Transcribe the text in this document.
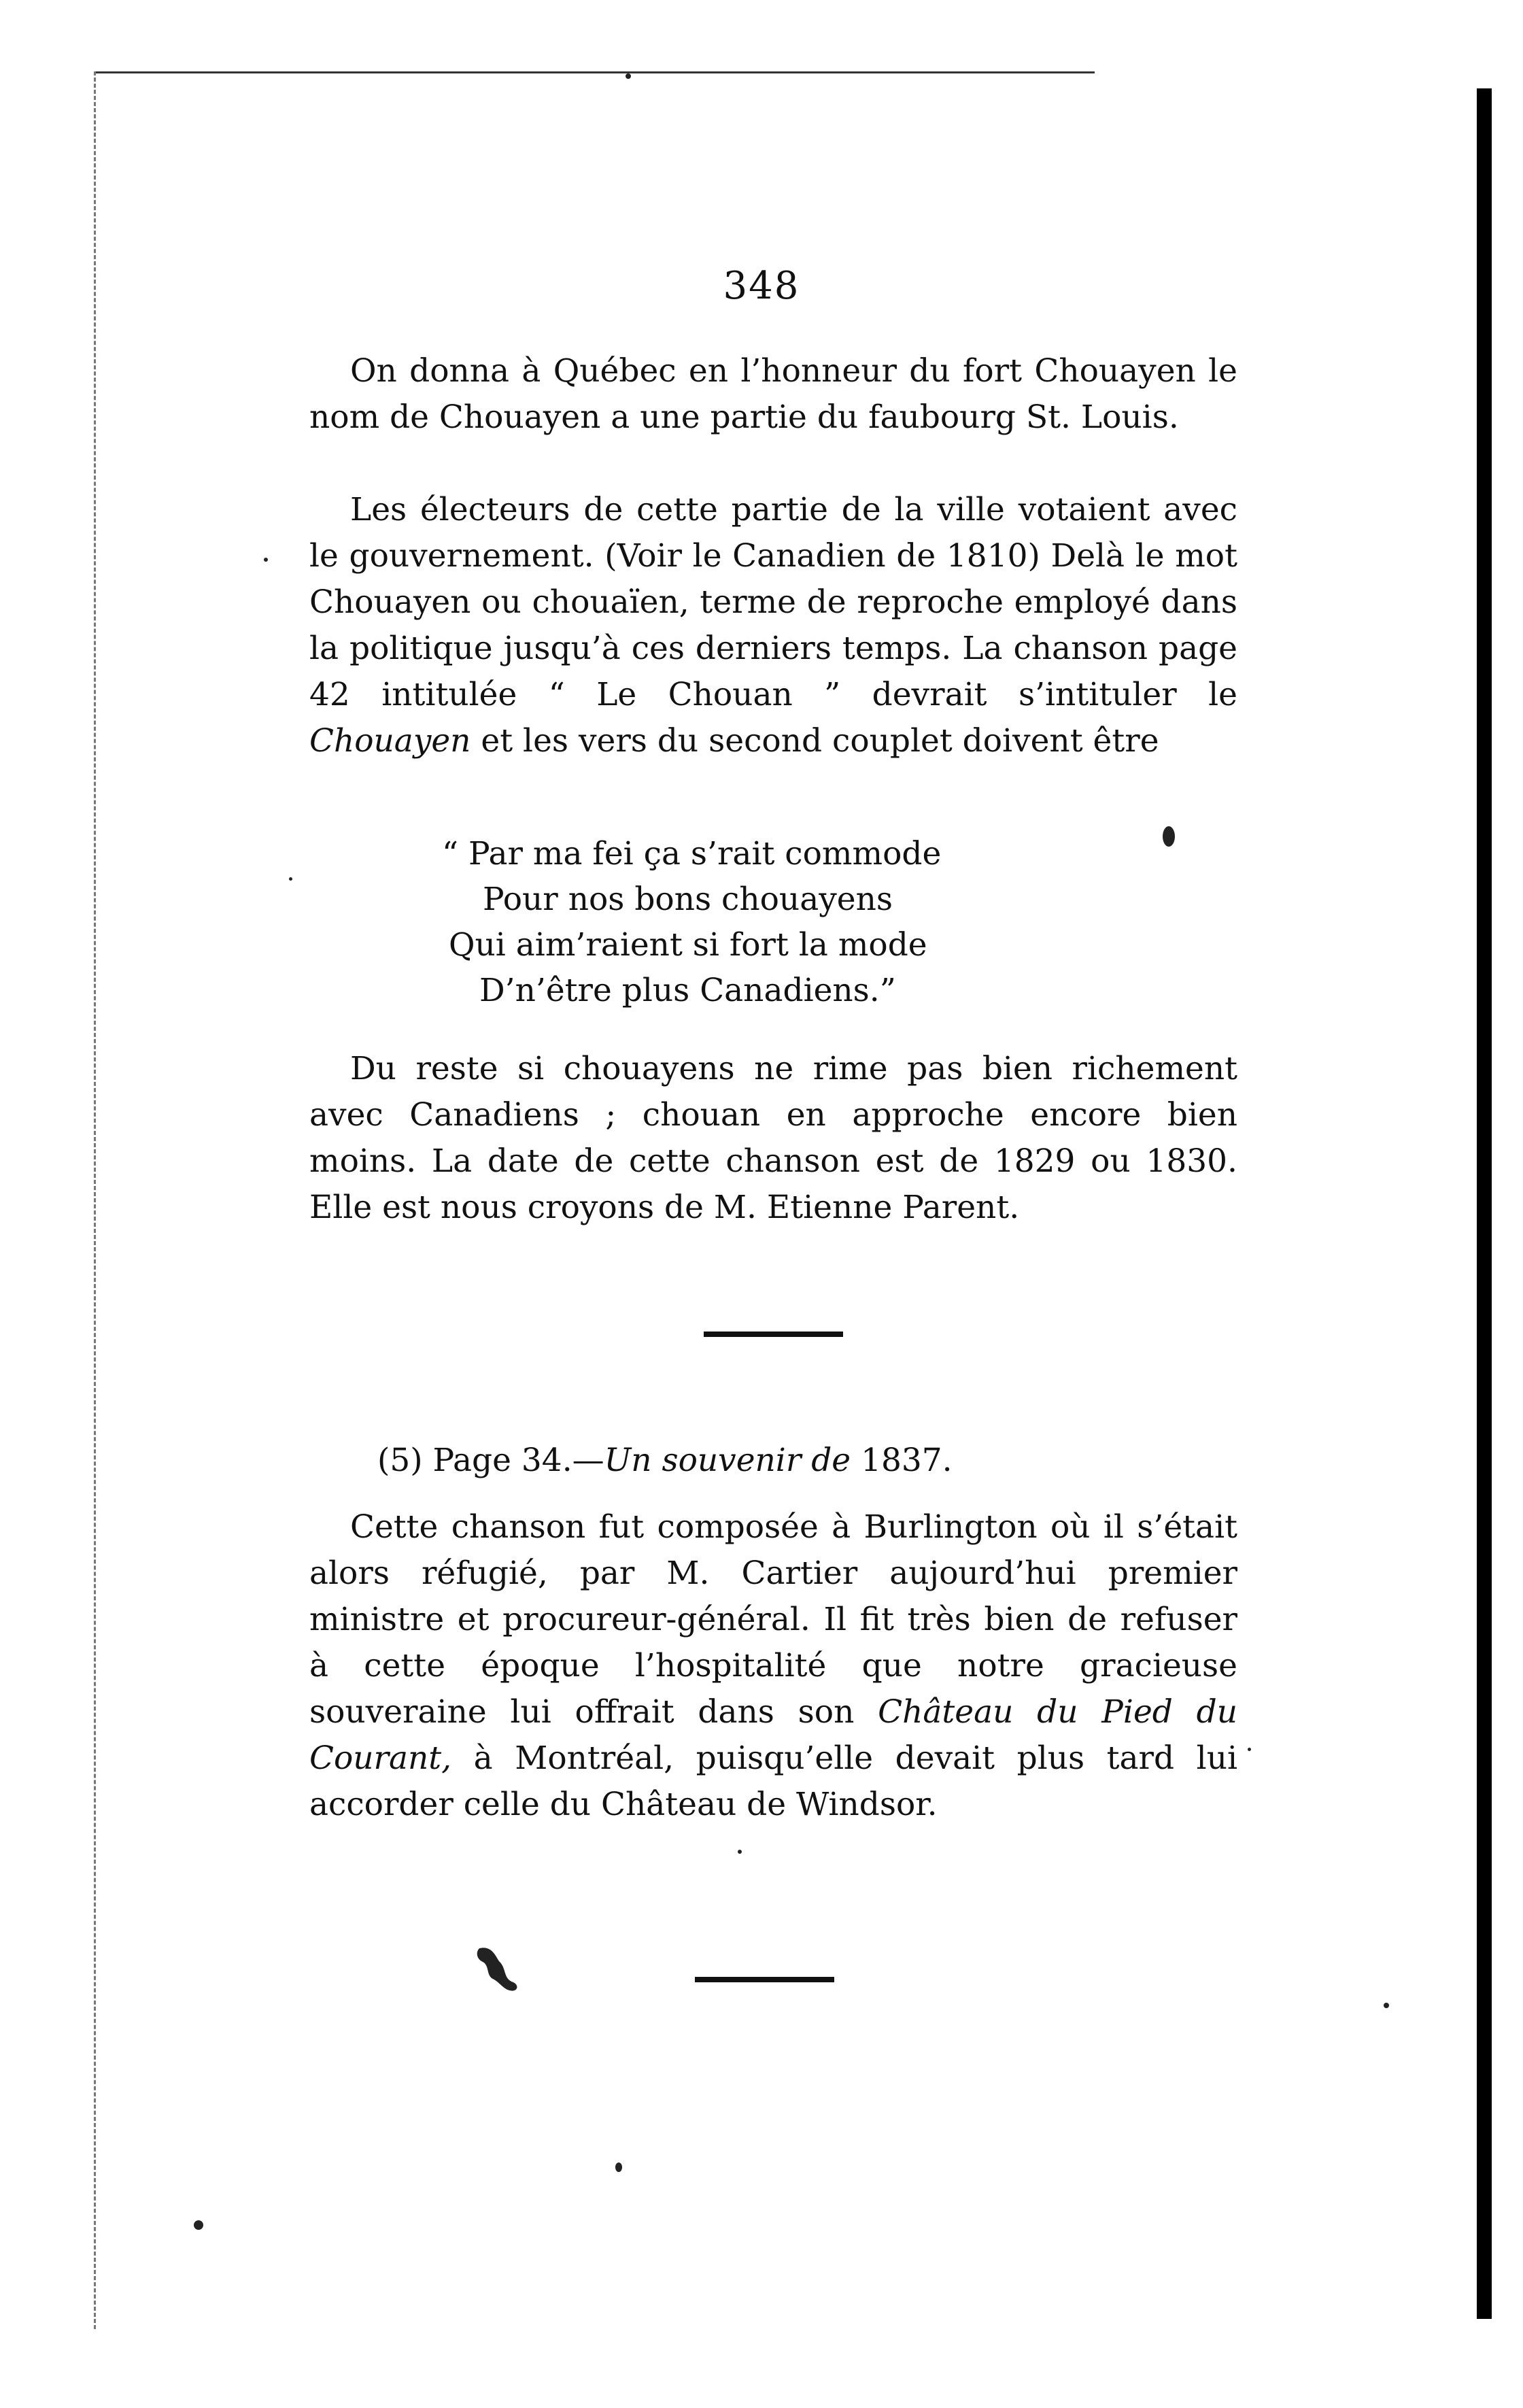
348
On donna à Québec en l’honneur du fort Chouayen le nom de Chouayen a une partie du faubourg St. Louis.
Les électeurs de cette partie de la ville votaient avec le gouvernement. (Voir le Canadien de 1810) Delà le mot Chouayen ou chouaïen, terme de reproche employé dans la politique jusqu’à ces derniers temps. La chanson page 42 intitulée “ Le Chouan ” devrait s’intituler le Chouayen et les vers du second couplet doivent être
“ Par ma fei ça s’rait commode
Pour nos bons chouayens
Qui aim’raient si fort la mode
D’n’être plus Canadiens.”
Du reste si chouayens ne rime pas bien richement avec Canadiens ; chouan en approche encore bien moins. La date de cette chanson est de 1829 ou 1830. Elle est nous croyons de M. Etienne Parent.
(5) Page 34.—Un souvenir de 1837.
Cette chanson fut composée à Burlington où il s’était alors réfugié, par M. Cartier aujourd’hui premier ministre et procureur-général. Il fit très bien de refuser à cette époque l’hospitalité que notre gracieuse souveraine lui offrait dans son Château du Pied du Courant, à Montréal, puisqu’elle devait plus tard lui accorder celle du Château de Windsor.
